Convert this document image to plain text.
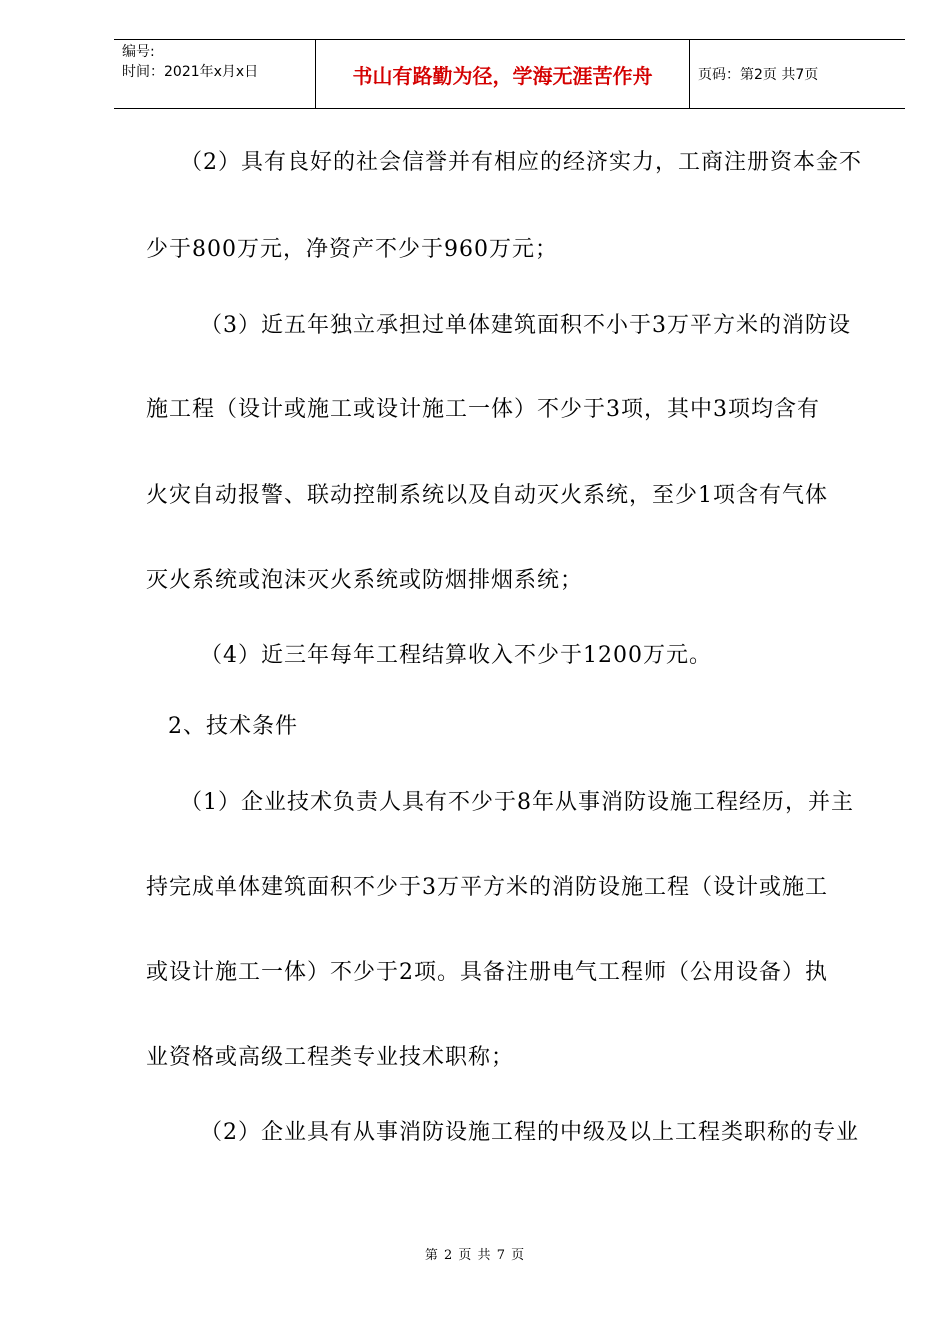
编号:
时间：2021年x月x日	书山有路勤为径，学海无涯苦作舟	页码：第2页 共7页
（2）具有良好的社会信誉并有相应的经济实力，工商注册资本金不
少于800万元，净资产不少于960万元；
（3）近五年独立承担过单体建筑面积不小于3万平方米的消防设
施工程（设计或施工或设计施工一体）不少于3项，其中3项均含有
火灾自动报警、联动控制系统以及自动灭火系统，至少1项含有气体
灭火系统或泡沫灭火系统或防烟排烟系统；
（4）近三年每年工程结算收入不少于1200万元。
2、技术条件
（1）企业技术负责人具有不少于8年从事消防设施工程经历，并主
持完成单体建筑面积不少于3万平方米的消防设施工程（设计或施工
或设计施工一体）不少于2项。具备注册电气工程师（公用设备）执
业资格或高级工程类专业技术职称；
（2）企业具有从事消防设施工程的中级及以上工程类职称的专业
第 2 页 共 7 页
